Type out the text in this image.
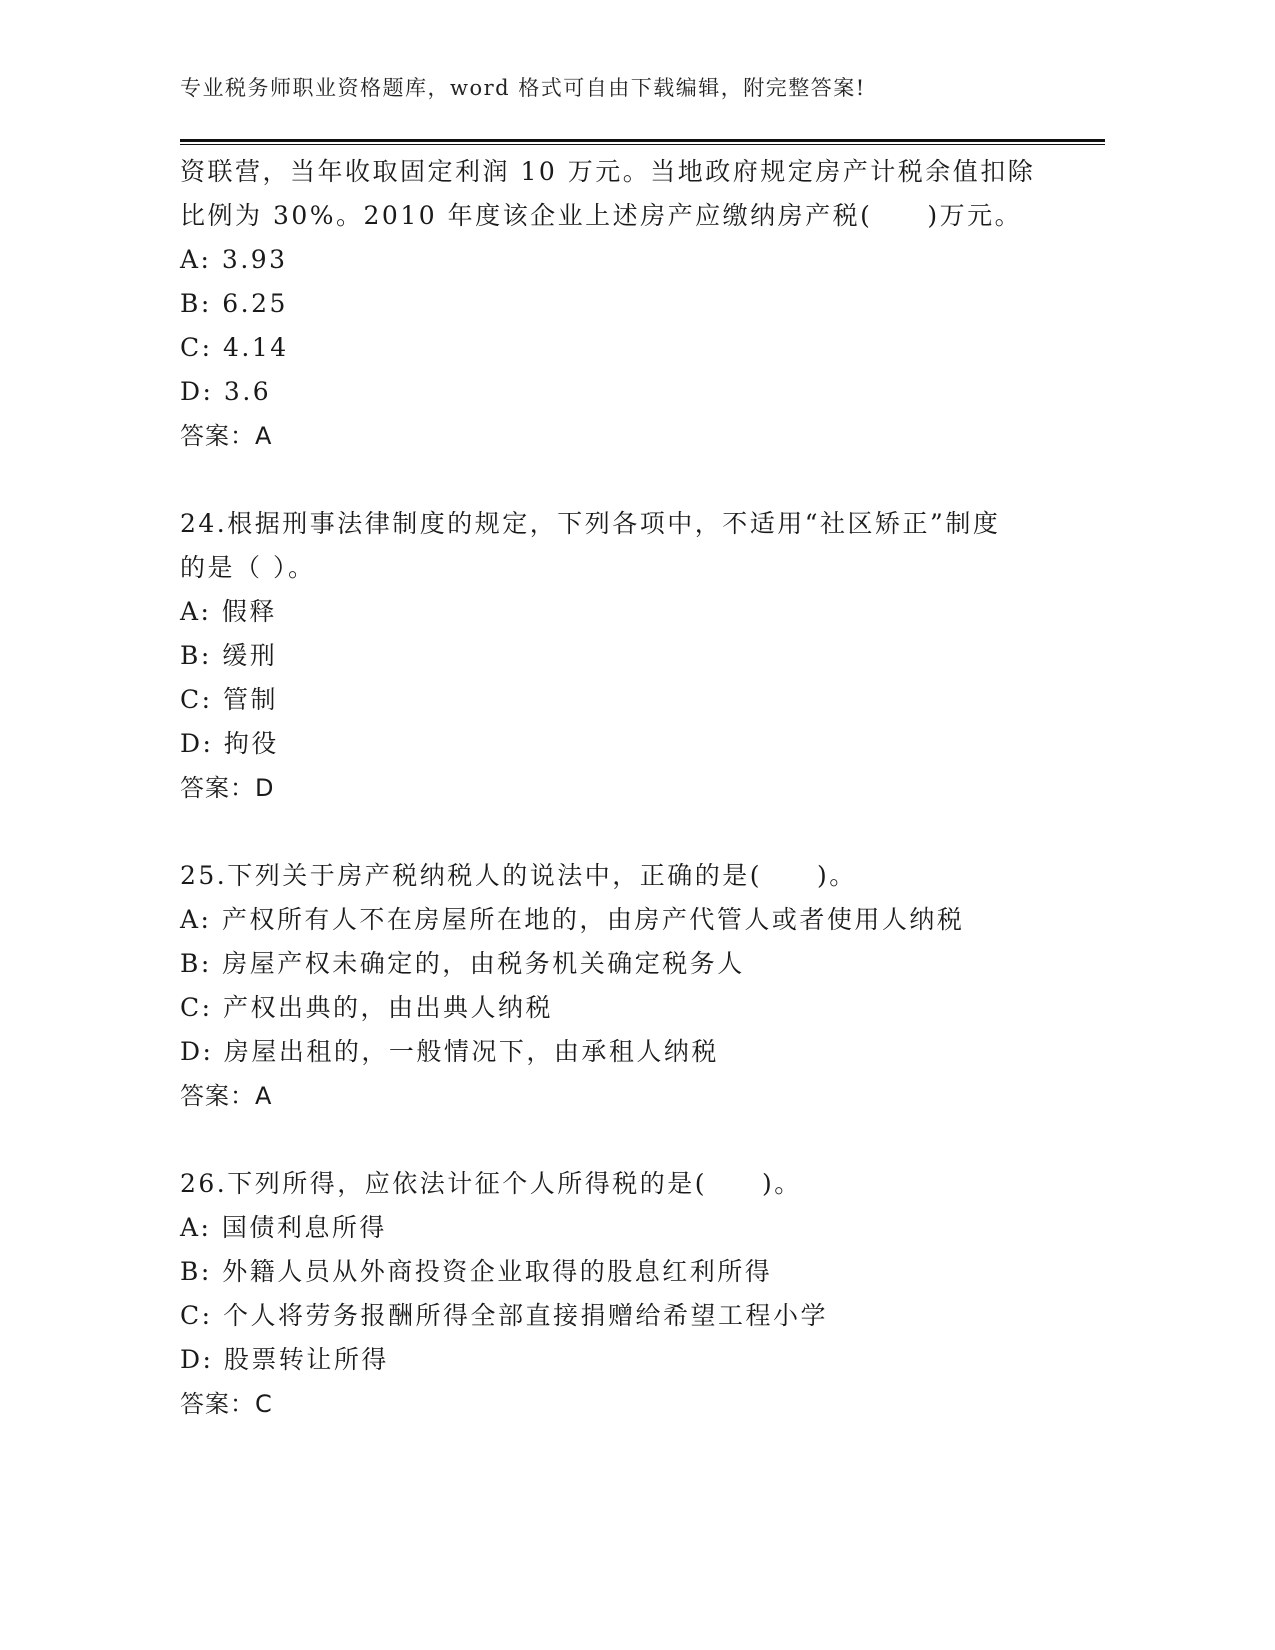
专业税务师职业资格题库，word 格式可自由下载编辑，附完整答案!
资联营，当年收取固定利润 10 万元。当地政府规定房产计税余值扣除
比例为 30%。2010 年度该企业上述房产应缴纳房产税(　　)万元。
A: 3.93
B: 6.25
C: 4.14
D: 3.6
答案：A
24.根据刑事法律制度的规定，下列各项中，不适用“社区矫正”制度
的是（ ）。
A: 假释
B: 缓刑
C: 管制
D: 拘役
答案：D
25.下列关于房产税纳税人的说法中，正确的是(　　)。
A: 产权所有人不在房屋所在地的，由房产代管人或者使用人纳税
B: 房屋产权未确定的，由税务机关确定税务人
C: 产权出典的，由出典人纳税
D: 房屋出租的，一般情况下，由承租人纳税
答案：A
26.下列所得，应依法计征个人所得税的是(　　)。
A: 国债利息所得
B: 外籍人员从外商投资企业取得的股息红利所得
C: 个人将劳务报酬所得全部直接捐赠给希望工程小学
D: 股票转让所得
答案：C
